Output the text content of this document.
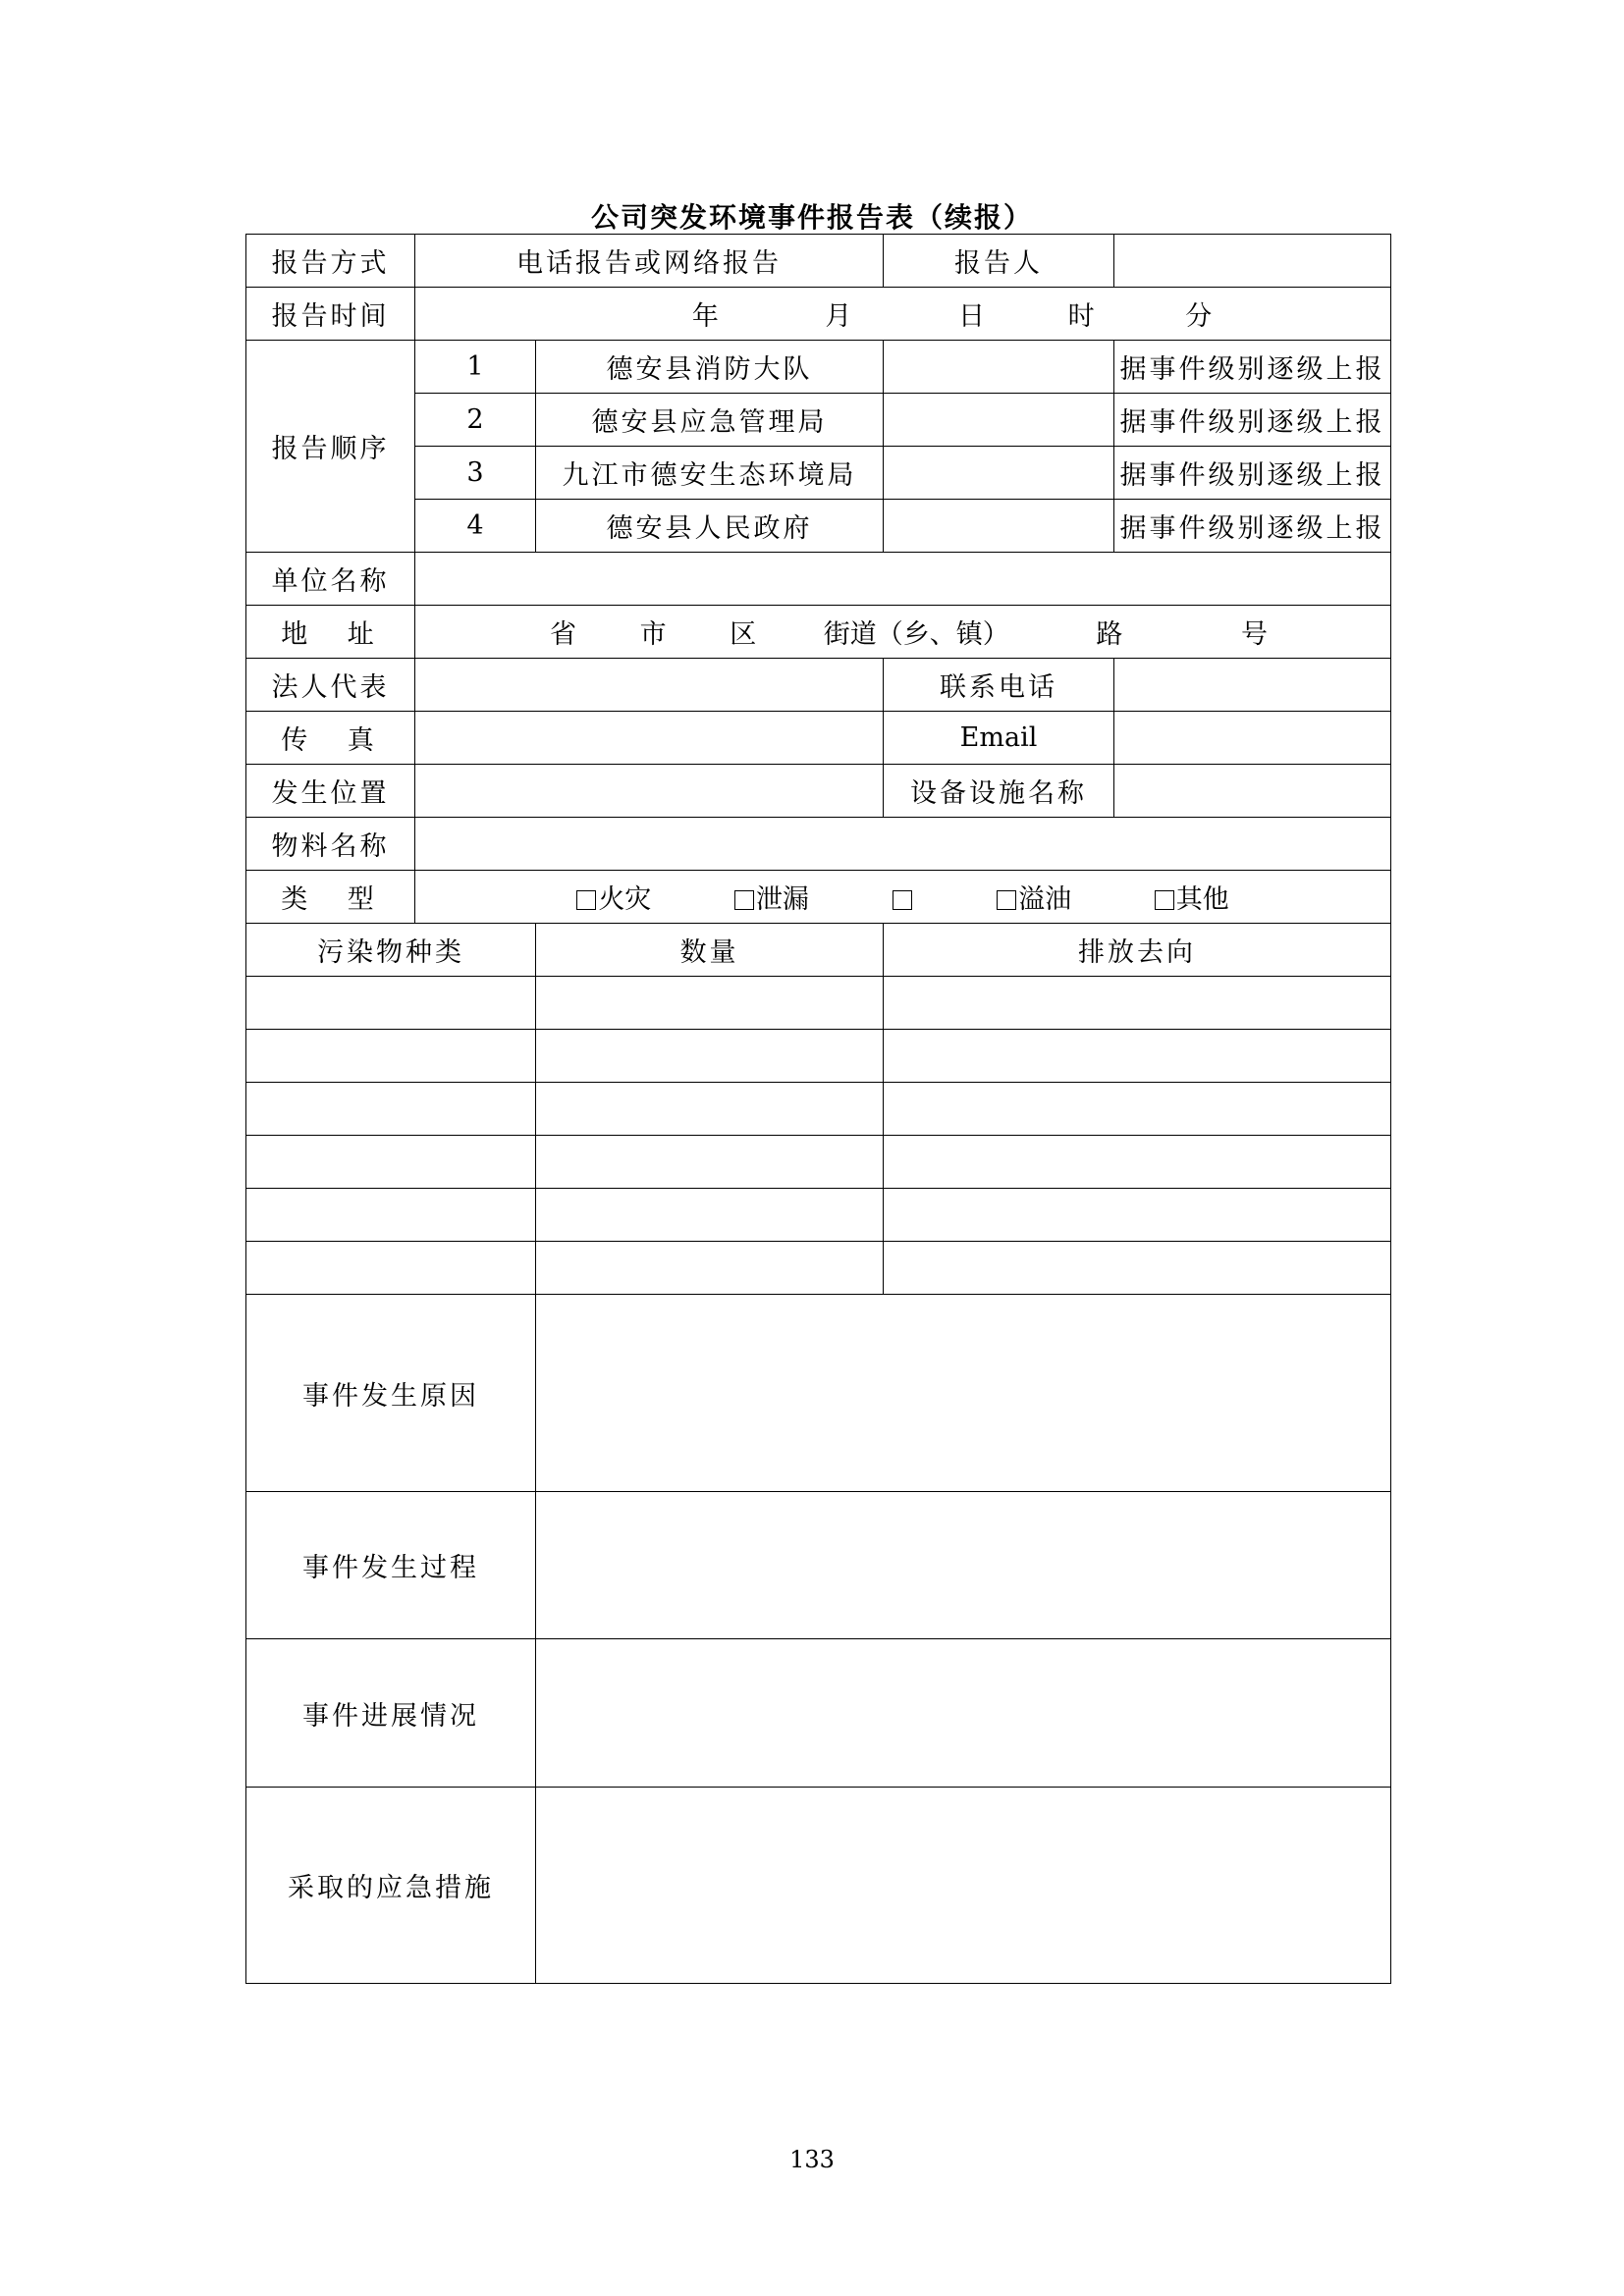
公司突发环境事件报告表（续报）
报告方式	电话报告或网络报告		报告人	
报告时间	年 月 日 时 分			
报告顺序	1	德安县消防大队		据事件级别逐级上报
	2	德安县应急管理局		据事件级别逐级上报
	3	九江市德安生态环境局		据事件级别逐级上报
	4	德安县人民政府		据事件级别逐级上报
单位名称				
地 址	省 市 区 街道（乡、镇） 路 号			
法人代表			联系电话	
传 真			Email	
发生位置			设备设施名称	
物料名称				
类 型	火灾 泄漏 溢油 其他			
污染物种类		数量	排放去向	

事件发生原因				
事件发生过程				
事件进展情况				
采取的应急措施				
133
